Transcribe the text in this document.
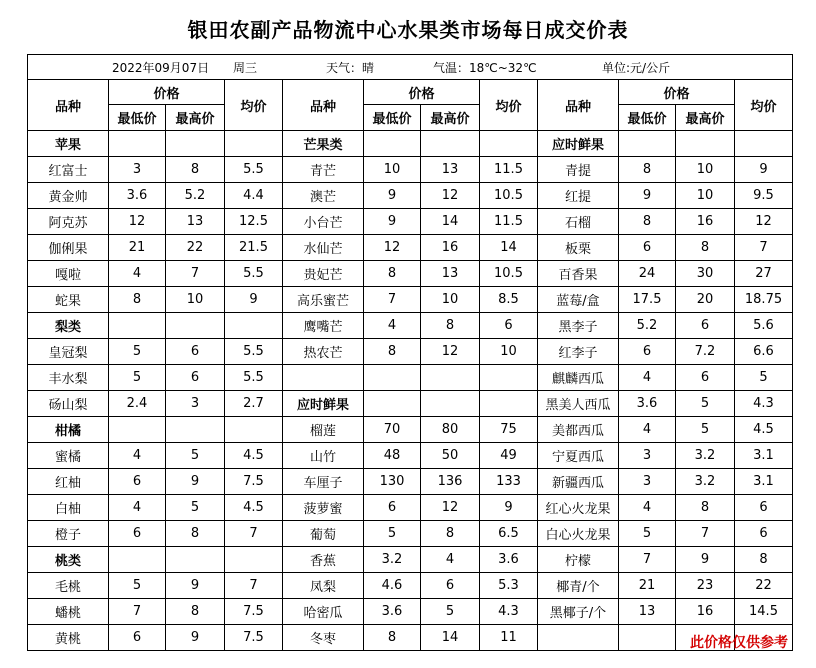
银田农副产品物流中心水果类市场每日成交价表
2022年09月07日 周三 天气：晴 气温：18℃~32℃ 单位:元/公斤											

品种	价格		均价	品种	价格		均价	品种	价格		均价
	最低价	最高价			最低价	最高价			最低价	最高价	
苹果				芒果类				应时鲜果			
红富士	3	8	5.5	青芒	10	13	11.5	青提	8	10	9
黄金帅	3.6	5.2	4.4	澳芒	9	12	10.5	红提	9	10	9.5
阿克苏	12	13	12.5	小台芒	9	14	11.5	石榴	8	16	12
伽俐果	21	22	21.5	水仙芒	12	16	14	板栗	6	8	7
嘎啦	4	7	5.5	贵妃芒	8	13	10.5	百香果	24	30	27
蛇果	8	10	9	高乐蜜芒	7	10	8.5	蓝莓/盒	17.5	20	18.75
梨类				鹰嘴芒	4	8	6	黑李子	5.2	6	5.6
皇冠梨	5	6	5.5	热农芒	8	12	10	红李子	6	7.2	6.6
丰水梨	5	6	5.5					麒麟西瓜	4	6	5
砀山梨	2.4	3	2.7	应时鲜果				黑美人西瓜	3.6	5	4.3
柑橘				榴莲	70	80	75	美都西瓜	4	5	4.5
蜜橘	4	5	4.5	山竹	48	50	49	宁夏西瓜	3	3.2	3.1
红柚	6	9	7.5	车厘子	130	136	133	新疆西瓜	3	3.2	3.1
白柚	4	5	4.5	菠萝蜜	6	12	9	红心火龙果	4	8	6
橙子	6	8	7	葡萄	5	8	6.5	白心火龙果	5	7	6
桃类				香蕉	3.2	4	3.6	柠檬	7	9	8
毛桃	5	9	7	凤梨	4.6	6	5.3	椰青/个	21	23	22
蟠桃	7	8	7.5	哈密瓜	3.6	5	4.3	黑椰子/个	13	16	14.5
黄桃	6	9	7.5	冬枣	8	14	11					此价格仅供参考
